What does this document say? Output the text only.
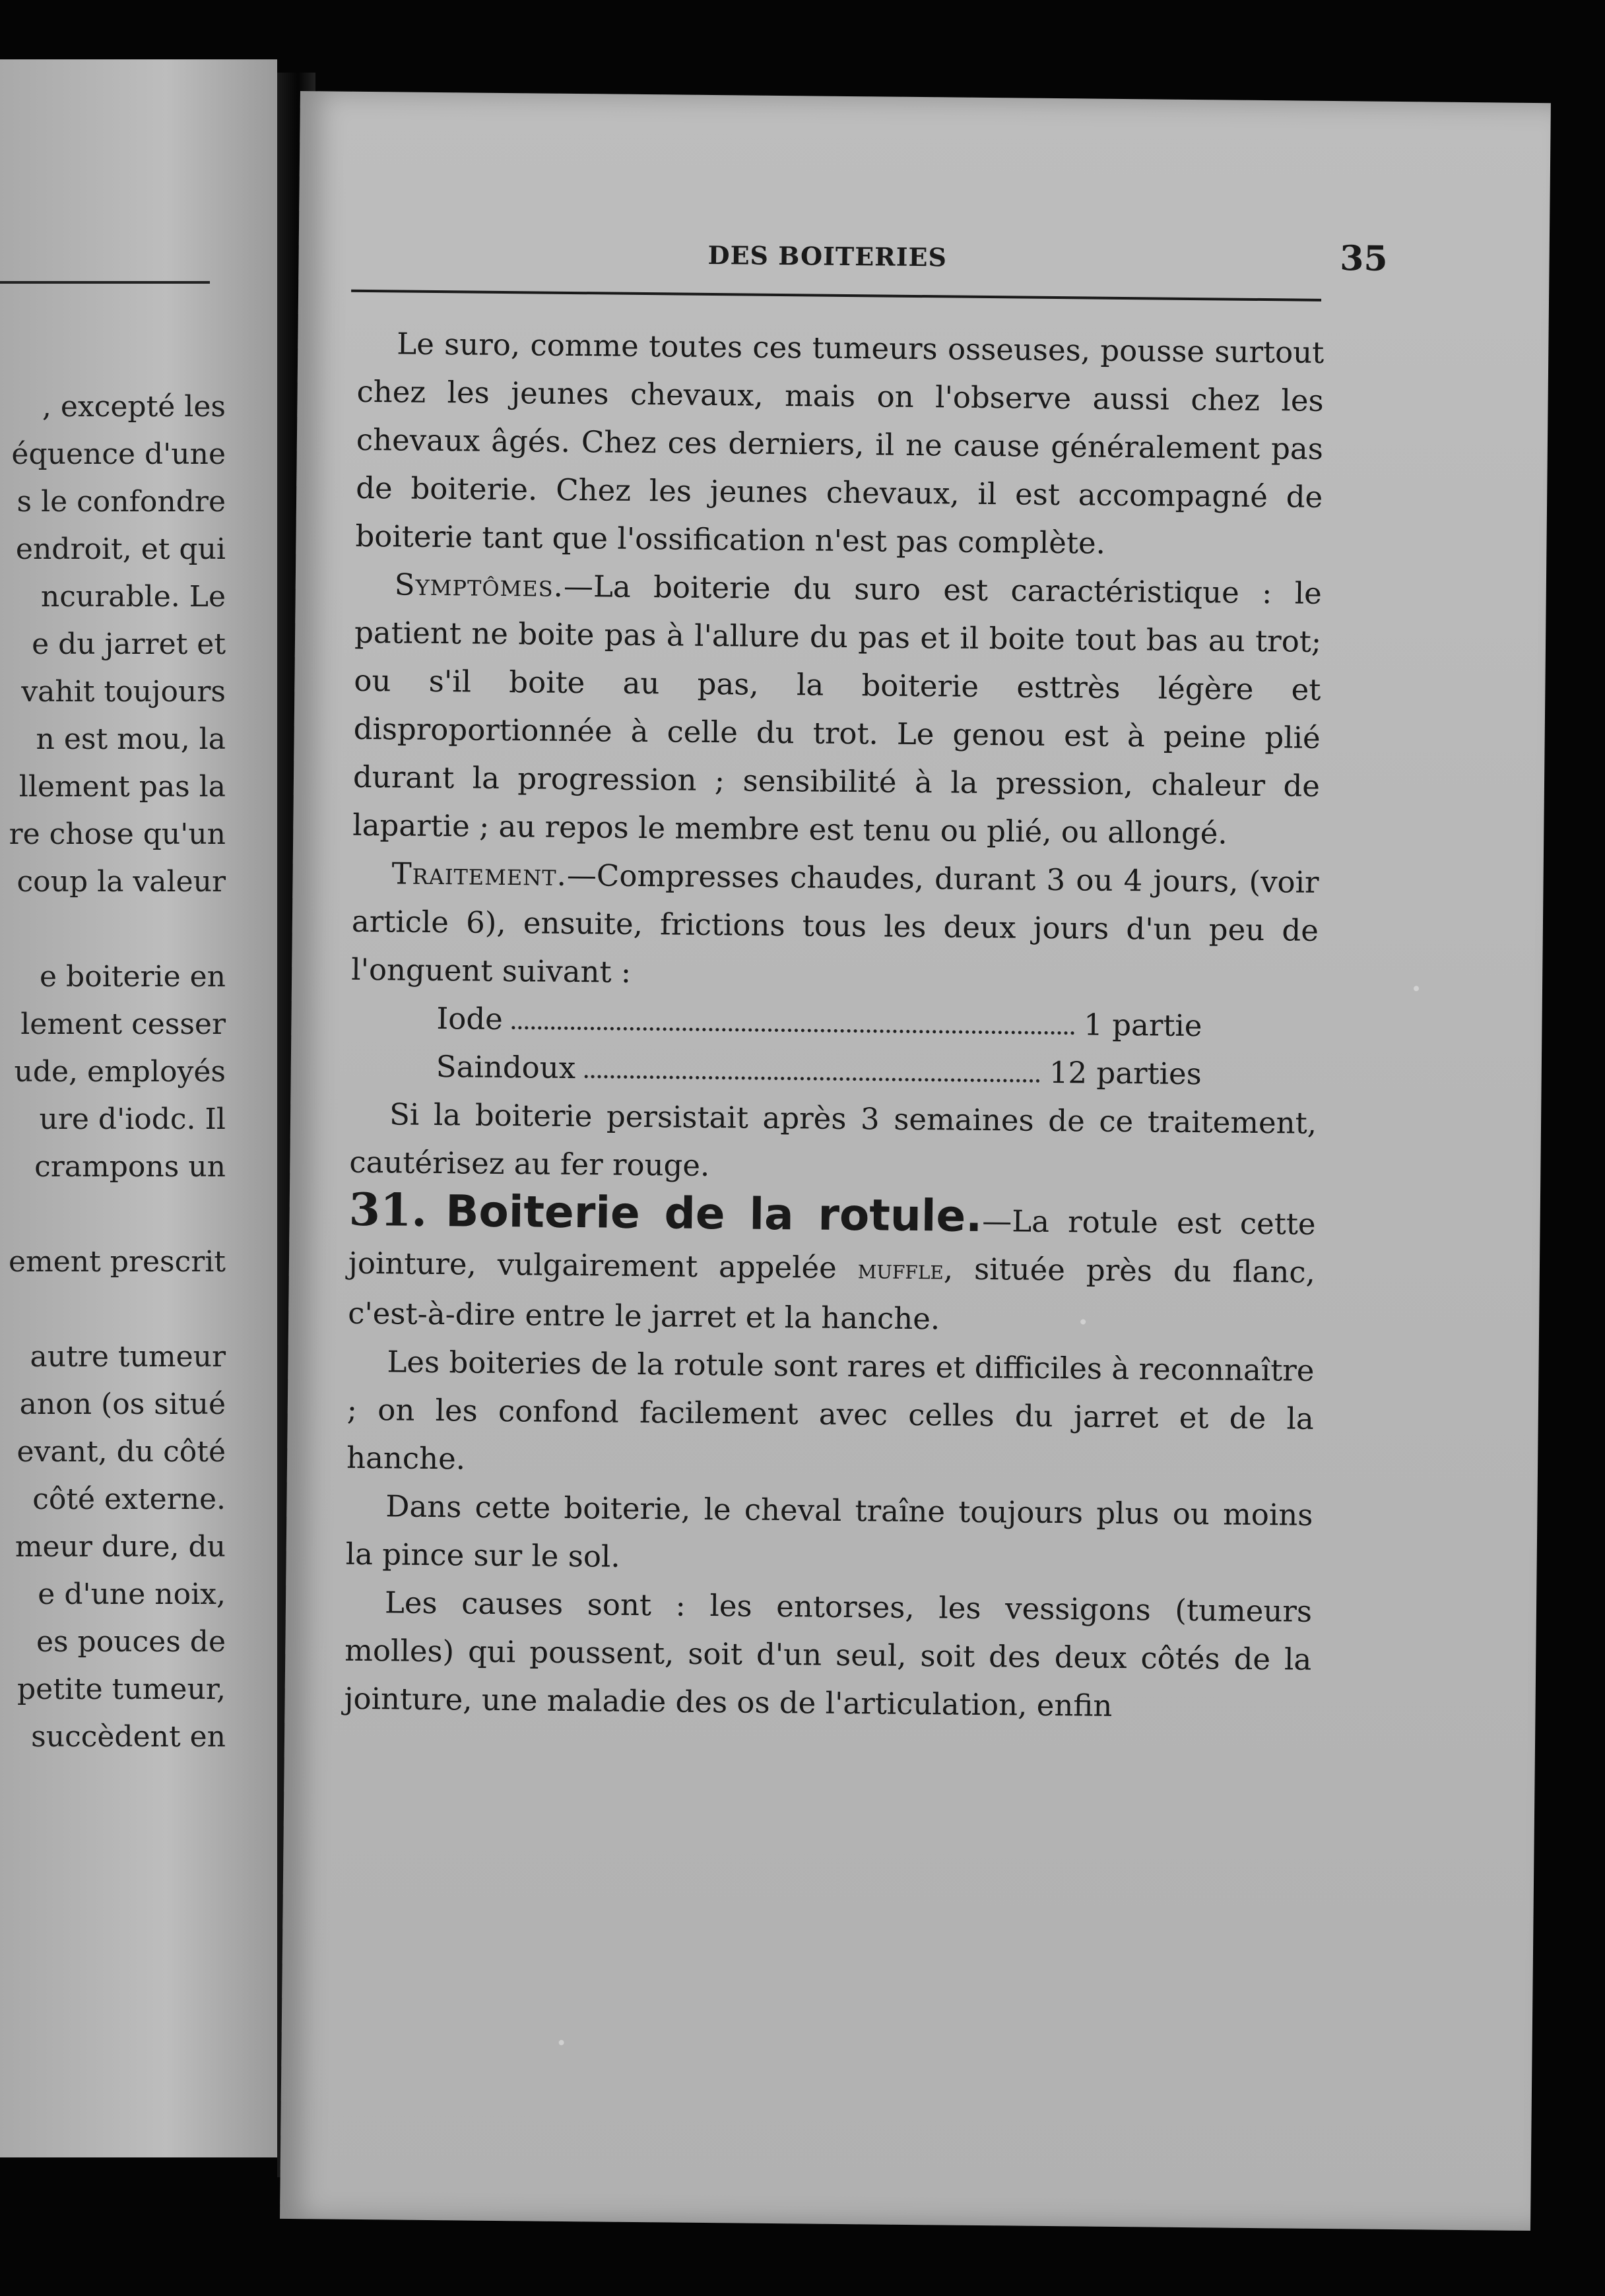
, excepté les
équence d'une
s le confondre
endroit, et qui
ncurable. Le
e du jarret et
vahit toujours
n est mou, la
llement pas la
re chose qu'un
coup la valeur
e boiterie en
lement cesser
ude, employés
ure d'iodc. Il
crampons un
ement prescrit
autre tumeur
anon (os situé
evant, du côté
côté externe.
meur dure, du
e d'une noix,
es pouces de
petite tumeur,
succèdent en
DES BOITERIES	35

Le suro, comme toutes ces tumeurs osseuses, pousse surtout chez les jeunes chevaux, mais on l'observe aussi chez les chevaux âgés. Chez ces derniers, il ne cause généralement pas de boiterie. Chez les jeunes chevaux, il est accompagné de boiterie tant que l'ossification n'est pas complète.

Symptômes.—La boiterie du suro est caractéristique : le patient ne boite pas à l'allure du pas et il boite tout bas au trot; ou s'il boite au pas, la boiterie esttrès légère et disproportionnée à celle du trot. Le genou est à peine plié durant la progression ; sensibilité à la pression, chaleur de lapartie ; au repos le membre est tenu ou plié, ou allongé.

Traitement.—Compresses chaudes, durant 3 ou 4 jours, (voir article 6), ensuite, frictions tous les deux jours d'un peu de l'onguent suivant :

Iode	1 partie
Saindoux	12 parties

Si la boiterie persistait après 3 semaines de ce traitement, cautérisez au fer rouge.

31. Boiterie de la rotule.—La rotule est cette jointure, vulgairement appelée muffle, située près du flanc, c'est-à-dire entre le jarret et la hanche.

Les boiteries de la rotule sont rares et difficiles à reconnaître ; on les confond facilement avec celles du jarret et de la hanche.

Dans cette boiterie, le cheval traîne toujours plus ou moins la pince sur le sol.

Les causes sont : les entorses, les vessigons (tumeurs molles) qui poussent, soit d'un seul, soit des deux côtés de la jointure, une maladie des os de l'articulation, enfin
